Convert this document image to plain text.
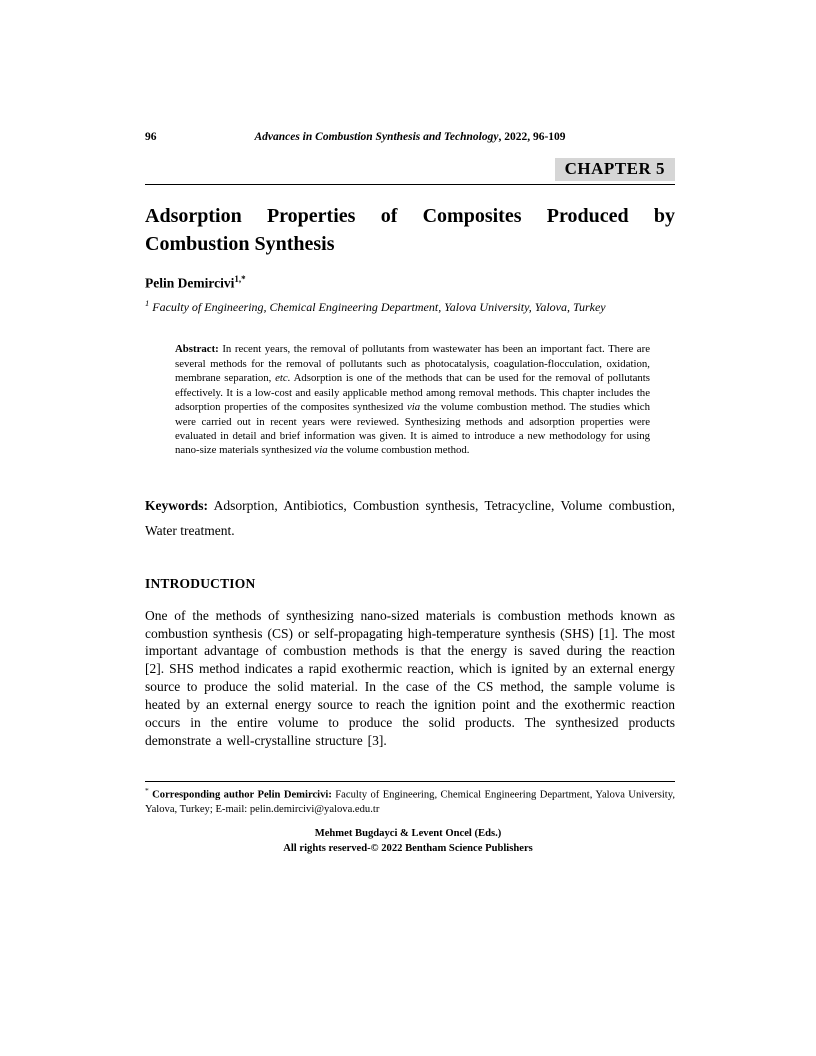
96	Advances in Combustion Synthesis and Technology, 2022, 96-109
CHAPTER 5
Adsorption Properties of Composites Produced by Combustion Synthesis
Pelin Demircivi$^{1,*}$
$^1$ Faculty of Engineering, Chemical Engineering Department, Yalova University, Yalova, Turkey

Abstract: In recent years, the removal of pollutants from wastewater has been an important fact. There are several methods for the removal of pollutants such as photocatalysis, coagulation-flocculation, oxidation, membrane separation, etc. Adsorption is one of the methods that can be used for the removal of pollutants effectively. It is a low-cost and easily applicable method among removal methods. This chapter includes the adsorption properties of the composites synthesized via the volume combustion method. The studies which were carried out in recent years were reviewed. Synthesizing methods and adsorption properties were evaluated in detail and brief information was given. It is aimed to introduce a new methodology for using nano-size materials synthesized via the volume combustion method.

Keywords: Adsorption, Antibiotics, Combustion synthesis, Tetracycline, Volume combustion, Water treatment.

INTRODUCTION

One of the methods of synthesizing nano-sized materials is combustion methods known as combustion synthesis (CS) or self-propagating high-temperature synthesis (SHS) [1]. The most important advantage of combustion methods is that the energy is saved during the reaction [2]. SHS method indicates a rapid exothermic reaction, which is ignited by an external energy source to produce the solid material. In the case of the CS method, the sample volume is heated by an external energy source to reach the ignition point and the exothermic reaction occurs in the entire volume to produce the solid products. The synthesized products demonstrate a well-crystalline structure [3].

* Corresponding author Pelin Demircivi: Faculty of Engineering, Chemical Engineering Department, Yalova University, Yalova, Turkey; E-mail: pelin.demircivi@yalova.edu.tr
Mehmet Bugdayci & Levent Oncel (Eds.)
All rights reserved-© 2022 Bentham Science Publishers
